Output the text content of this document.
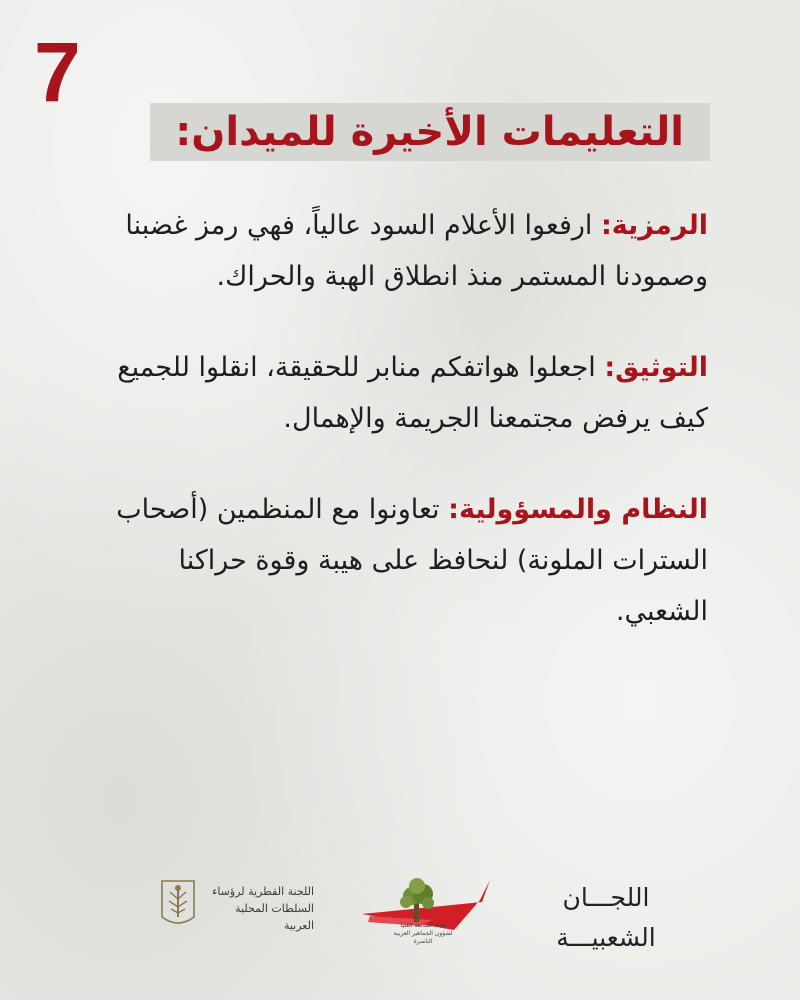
7
التعليمات الأخيرة للميدان:

الرمزية: ارفعوا الأعلام السود عالياً، فهي رمز غضبنا وصمودنا المستمر منذ انطلاق الهبة والحراك.

التوثيق: اجعلوا هواتفكم منابر للحقيقة، انقلوا للجميع كيف يرفض مجتمعنا الجريمة والإهمال.

النظام والمسؤولية: تعاونوا مع المنظمين (أصحاب السترات الملونة) لنحافظ على هيبة وقوة حراكنا الشعبي.

اللجنة القطرية لرؤساء
السلطات المحلية العربية	لجنة المتابعة العليا
لشؤون الجماهير العربية
الناصرة
اللجـــان
الشعبيـــة
